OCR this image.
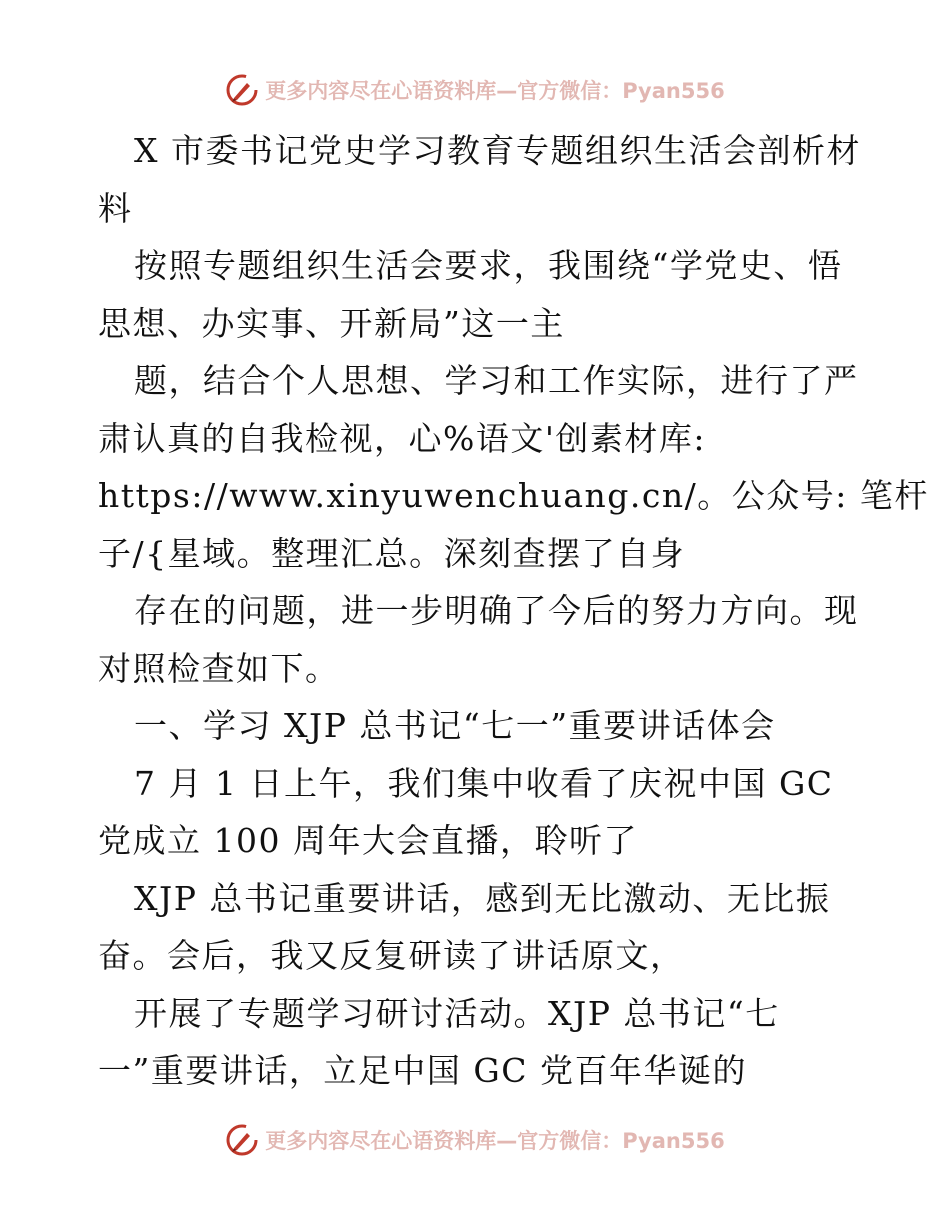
更多内容尽在心语资料库—官方微信：Pyan556
X 市委书记党史学习教育专题组织生活会剖析材
料
按照专题组织生活会要求，我围绕“学党史、悟
思想、办实事、开新局”这一主
题，结合个人思想、学习和工作实际，进行了严
肃认真的自我检视，心%语文'创素材库:
https://www.xinyuwenchuang.cn/。公众号: 笔杆
子/{星域。整理汇总。深刻查摆了自身
存在的问题，进一步明确了今后的努力方向。现
对照检查如下。
一、学习 XJP 总书记“七一”重要讲话体会
7 月 1 日上午，我们集中收看了庆祝中国 GC
党成立 100 周年大会直播，聆听了
XJP 总书记重要讲话，感到无比激动、无比振
奋。会后，我又反复研读了讲话原文，
开展了专题学习研讨活动。XJP 总书记“七
一”重要讲话，立足中国 GC 党百年华诞的
更多内容尽在心语资料库—官方微信：Pyan556
